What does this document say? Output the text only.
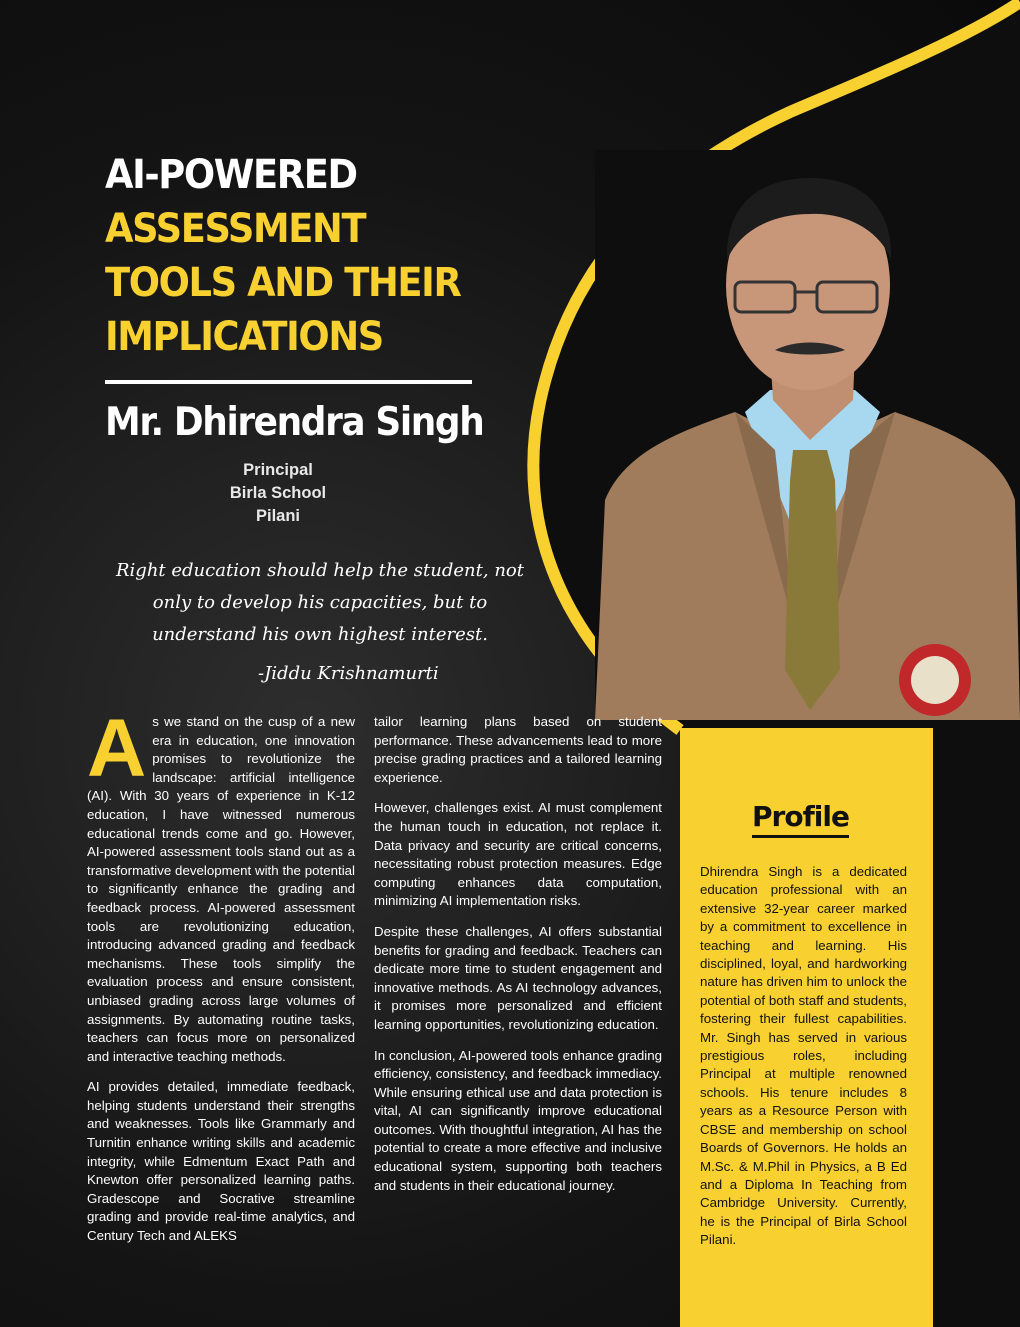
AI-POWERED
ASSESSMENT
TOOLS AND THEIR
IMPLICATIONS
Mr. Dhirendra Singh
Principal
Birla School
Pilani
Right education should help the student, not only to develop his capacities, but to understand his own highest interest.
-Jiddu Krishnamurti

As we stand on the cusp of a new era in education, one innovation promises to revolutionize the landscape: artificial intelligence (AI). With 30 years of experience in K-12 education, I have witnessed numerous educational trends come and go. However, AI-powered assessment tools stand out as a transformative development with the potential to significantly enhance the grading and feedback process. AI-powered assessment tools are revolutionizing education, introducing advanced grading and feedback mechanisms. These tools simplify the evaluation process and ensure consistent, unbiased grading across large volumes of assignments. By automating routine tasks, teachers can focus more on personalized and interactive teaching methods.

AI provides detailed, immediate feedback, helping students understand their strengths and weaknesses. Tools like Grammarly and Turnitin enhance writing skills and academic integrity, while Edmentum Exact Path and Knewton offer personalized learning paths. Gradescope and Socrative streamline grading and provide real-time analytics, and Century Tech and ALEKS

tailor learning plans based on student performance. These advancements lead to more precise grading practices and a tailored learning experience.

However, challenges exist. AI must complement the human touch in education, not replace it. Data privacy and security are critical concerns, necessitating robust protection measures. Edge computing enhances data computation, minimizing AI implementation risks.

Despite these challenges, AI offers substantial benefits for grading and feedback. Teachers can dedicate more time to student engagement and innovative methods. As AI technology advances, it promises more personalized and efficient learning opportunities, revolutionizing education.

In conclusion, AI-powered tools enhance grading efficiency, consistency, and feedback immediacy. While ensuring ethical use and data protection is vital, AI can significantly improve educational outcomes. With thoughtful integration, AI has the potential to create a more effective and inclusive educational system, supporting both teachers and students in their educational journey.

Profile
Dhirendra Singh is a dedicated education professional with an extensive 32-year career marked by a commitment to excellence in teaching and learning. His disciplined, loyal, and hardworking nature has driven him to unlock the potential of both staff and students, fostering their fullest capabilities. Mr. Singh has served in various prestigious roles, including Principal at multiple renowned schools. His tenure includes 8 years as a Resource Person with CBSE and membership on school Boards of Governors. He holds an M.Sc. & M.Phil in Physics, a B Ed and a Diploma In Teaching from Cambridge University. Currently, he is the Principal of Birla School Pilani.
